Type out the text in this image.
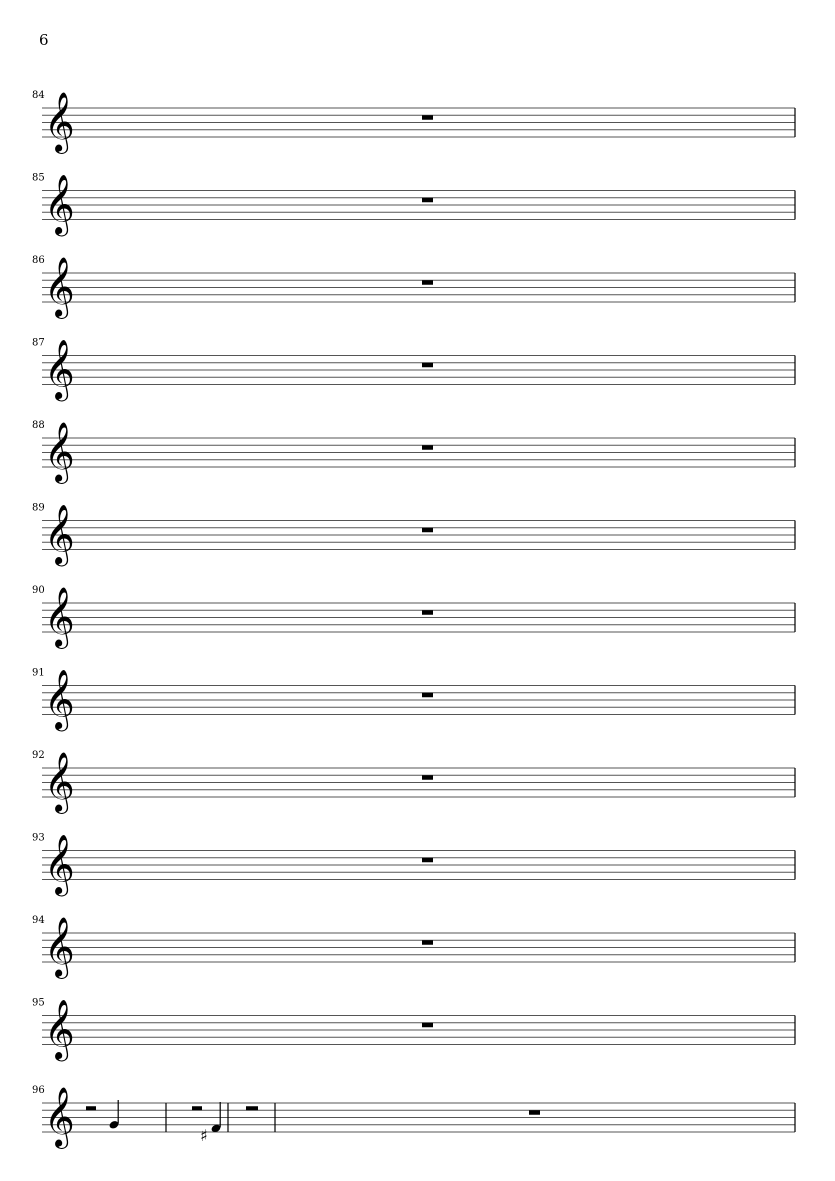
6
84 𝄞
85 𝄞
86 𝄞
87 𝄞
88 𝄞
89 𝄞
90 𝄞
91 𝄞
92 𝄞
93 𝄞
94 𝄞
95 𝄞
96 𝄞	♯
